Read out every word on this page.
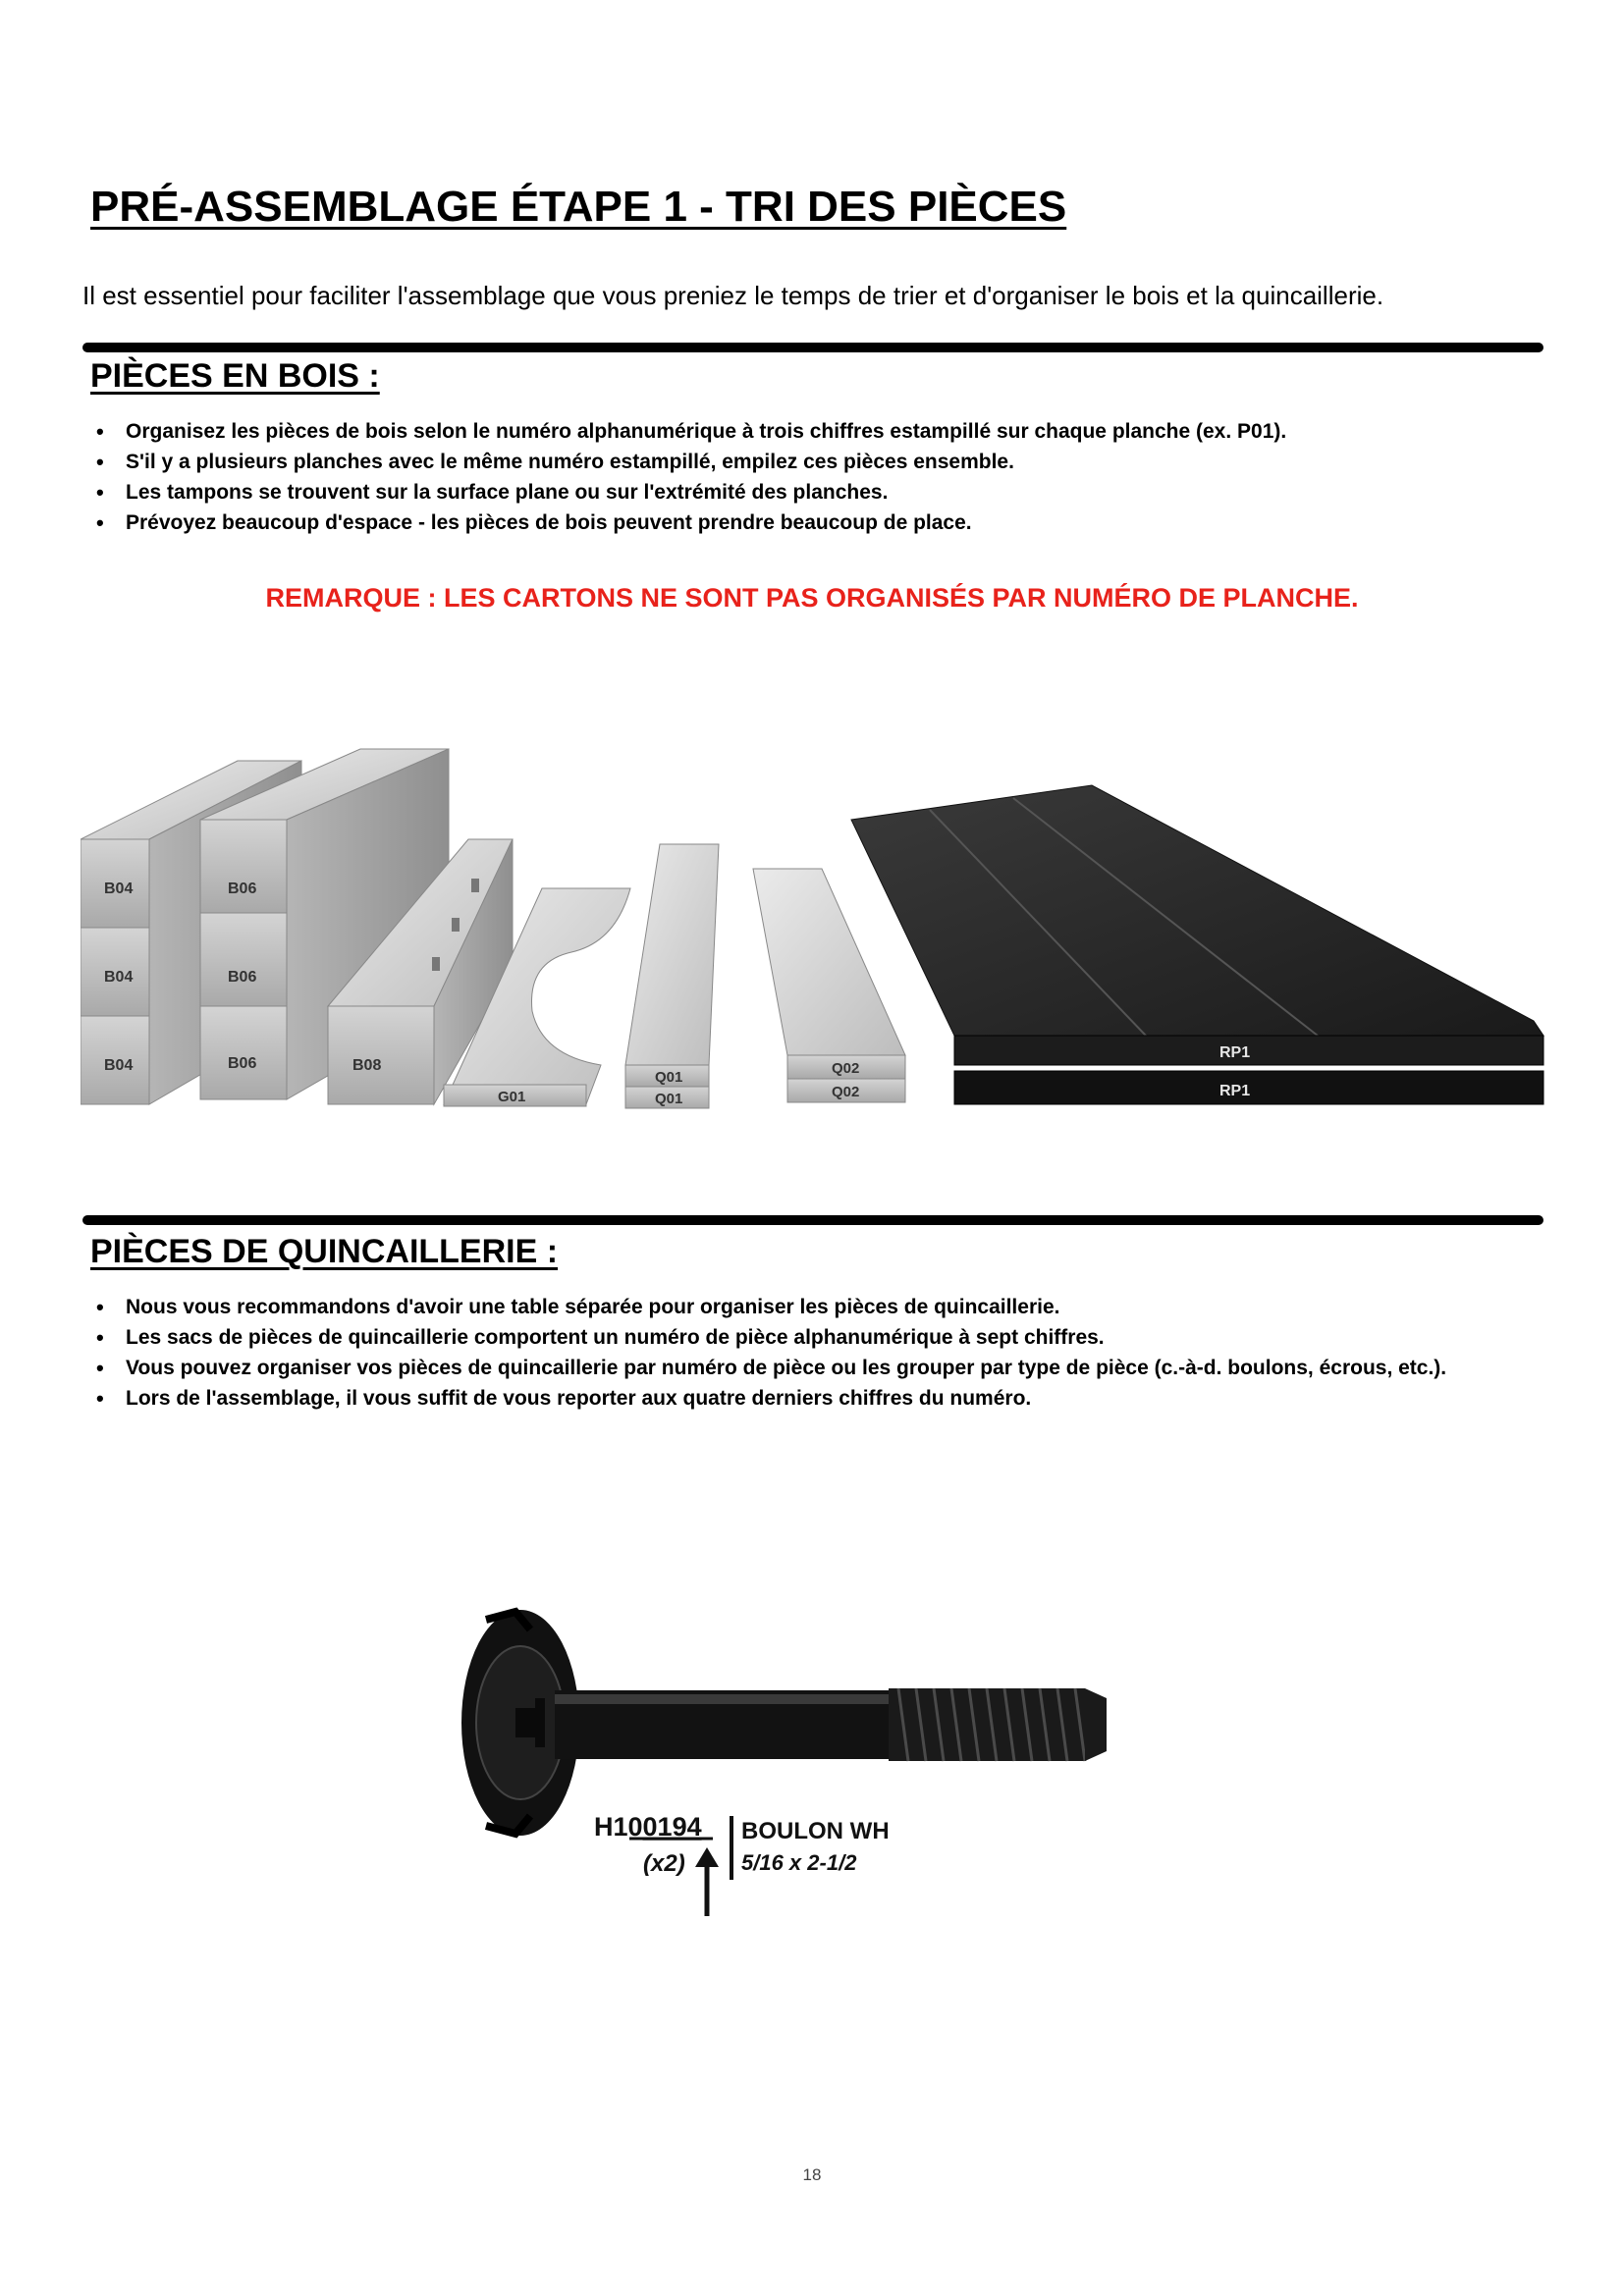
PRÉ-ASSEMBLAGE ÉTAPE 1 - TRI DES PIÈCES
Il est essentiel pour faciliter l'assemblage que vous preniez le temps de trier et d'organiser le bois et la quincaillerie.
PIÈCES EN BOIS :
• Organisez les pièces de bois selon le numéro alphanumérique à trois chiffres estampillé sur chaque planche (ex. P01).
• S'il y a plusieurs planches avec le même numéro estampillé, empilez ces pièces ensemble.
• Les tampons se trouvent sur la surface plane ou sur l'extrémité des planches.
• Prévoyez beaucoup d'espace - les pièces de bois peuvent prendre beaucoup de place.
REMARQUE : LES CARTONS NE SONT PAS ORGANISÉS PAR NUMÉRO DE PLANCHE.
B04
B04
B04
B06
B06
B06	B08
G01
Q01
Q01
Q02
Q02
RP1
RP1
PIÈCES DE QUINCAILLERIE :
• Nous vous recommandons d'avoir une table séparée pour organiser les pièces de quincaillerie.
• Les sacs de pièces de quincaillerie comportent un numéro de pièce alphanumérique à sept chiffres.
• Vous pouvez organiser vos pièces de quincaillerie par numéro de pièce ou les grouper par type de pièce (c.-à-d. boulons, écrous, etc.).
• Lors de l'assemblage, il vous suffit de vous reporter aux quatre derniers chiffres du numéro.
H100194
(x2)
BOULON WH
5/16 x 2-1/2
18
